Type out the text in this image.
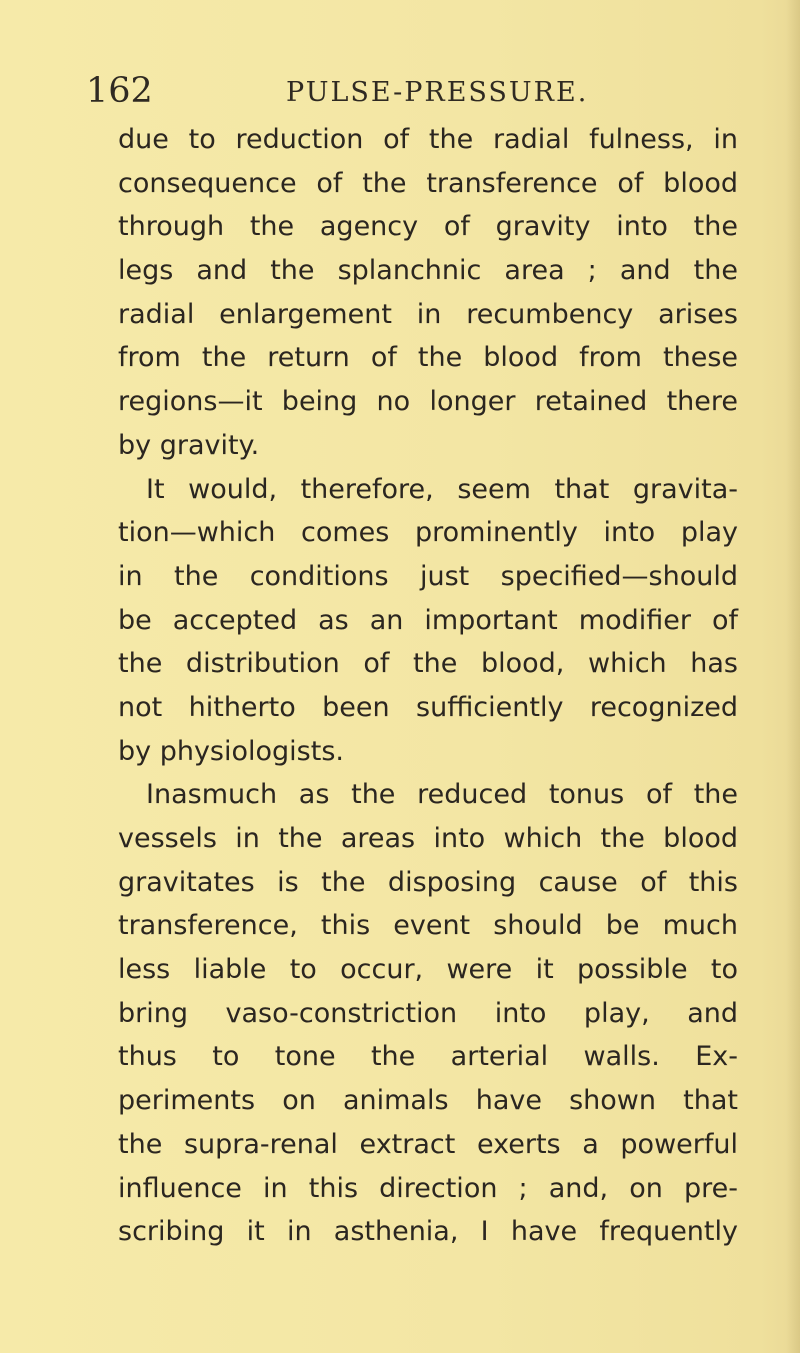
162	PULSE-PRESSURE.
due to reduction of the radial fulness, in
consequence of the transference of blood
through the agency of gravity into the
legs and the splanchnic area ; and the
radial enlargement in recumbency arises
from the return of the blood from these
regions—it being no longer retained there
by gravity.
It would, therefore, seem that gravita-
tion—which comes prominently into play
in the conditions just specified—should
be accepted as an important modifier of
the distribution of the blood, which has
not hitherto been sufficiently recognized
by physiologists.
Inasmuch as the reduced tonus of the
vessels in the areas into which the blood
gravitates is the disposing cause of this
transference, this event should be much
less liable to occur, were it possible to
bring vaso-constriction into play, and
thus to tone the arterial walls. Ex-
periments on animals have shown that
the supra-renal extract exerts a powerful
influence in this direction ; and, on pre-
scribing it in asthenia, I have frequently
